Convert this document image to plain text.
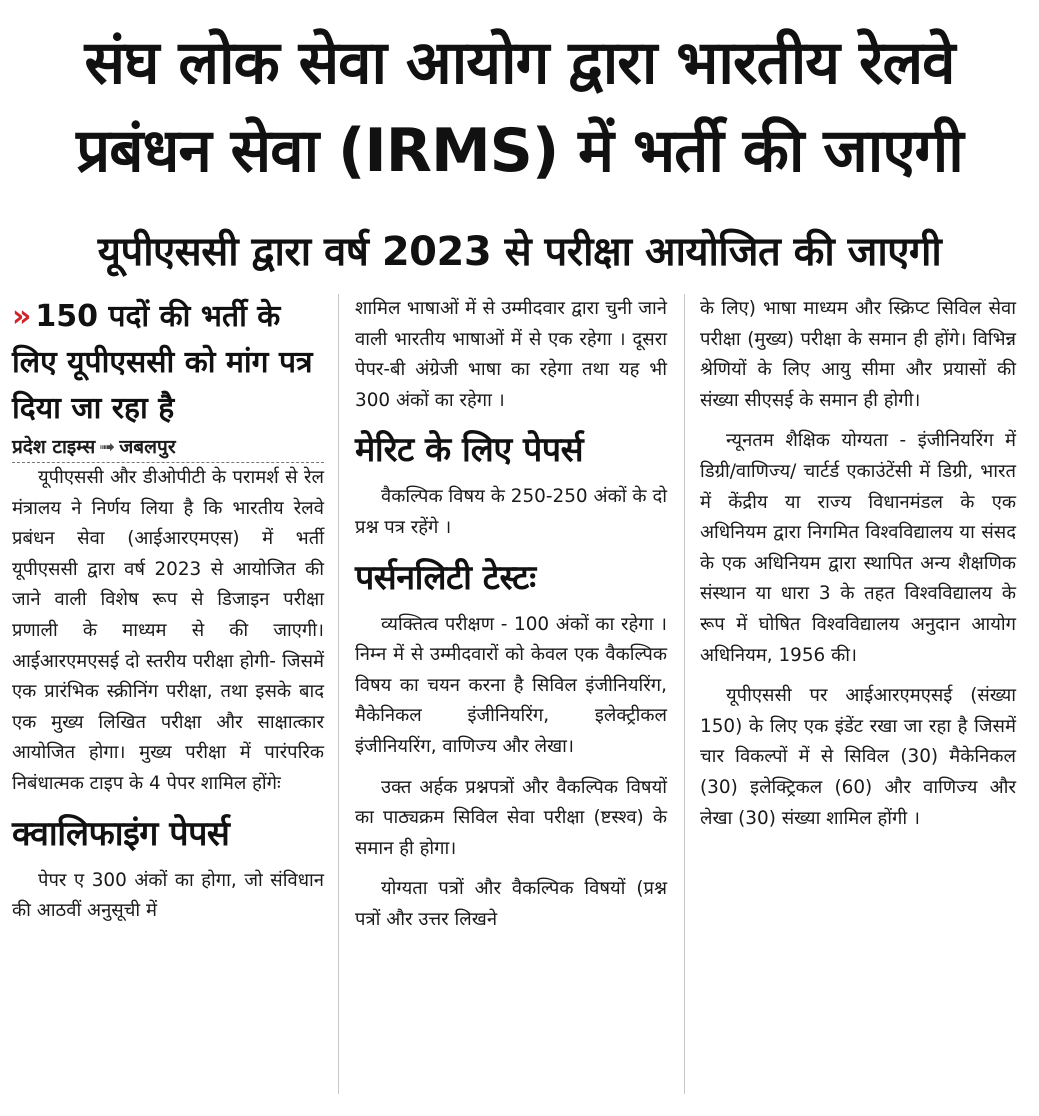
संघ लोक सेवा आयोग द्वारा भारतीय रेलवे
प्रबंधन सेवा (IRMS) में भर्ती की जाएगी
यूपीएससी द्वारा वर्ष 2023 से परीक्षा आयोजित की जाएगी

» 150 पदों की भर्ती के लिए यूपीएससी को मांग पत्र दिया जा रहा है

प्रदेश टाइम्स ➟ जबलपुर

यूपीएससी और डीओपीटी के परामर्श से रेल मंत्रालय ने निर्णय लिया है कि भारतीय रेलवे प्रबंधन सेवा (आईआरएमएस) में भर्ती यूपीएससी द्वारा वर्ष 2023 से आयोजित की जाने वाली विशेष रूप से डिजाइन परीक्षा प्रणाली के माध्यम से की जाएगी। आईआरएमएसई दो स्तरीय परीक्षा होगी- जिसमें एक प्रारंभिक स्क्रीनिंग परीक्षा, तथा इसके बाद एक मुख्य लिखित परीक्षा और साक्षात्कार आयोजित होगा। मुख्य परीक्षा में पारंपरिक निबंधात्मक टाइप के 4 पेपर शामिल होंगेः

क्वालिफाइंग पेपर्स

पेपर ए 300 अंकों का होगा, जो संविधान की आठवीं अनुसूची में

शामिल भाषाओं में से उम्मीदवार द्वारा चुनी जाने वाली भारतीय भाषाओं में से एक रहेगा । दूसरा पेपर-बी अंग्रेजी भाषा का रहेगा तथा यह भी 300 अंकों का रहेगा ।

मेरिट के लिए पेपर्स

वैकल्पिक विषय के 250-250 अंकों के दो प्रश्न पत्र रहेंगे ।

पर्सनलिटी टेस्टः

व्यक्तित्व परीक्षण - 100 अंकों का रहेगा । निम्न में से उम्मीदवारों को केवल एक वैकल्पिक विषय का चयन करना है सिविल इंजीनियरिंग, मैकेनिकल इंजीनियरिंग, इलेक्ट्रीकल इंजीनियरिंग, वाणिज्य और लेखा।

उक्त अर्हक प्रश्नपत्रों और वैकल्पिक विषयों का पाठ्यक्रम सिविल सेवा परीक्षा (ष्टस्श्व) के समान ही होगा।

योग्यता पत्रों और वैकल्पिक विषयों (प्रश्न पत्रों और उत्तर लिखने

के लिए) भाषा माध्यम और स्क्रिप्ट सिविल सेवा परीक्षा (मुख्य) परीक्षा के समान ही होंगे। विभिन्न श्रेणियों के लिए आयु सीमा और प्रयासों की संख्या सीएसई के समान ही होगी।

न्यूनतम शैक्षिक योग्यता - इंजीनियरिंग में डिग्री/वाणिज्य/ चार्टर्ड एकाउंटेंसी में डिग्री, भारत में केंद्रीय या राज्य विधानमंडल के एक अधिनियम द्वारा निगमित विश्वविद्यालय या संसद के एक अधिनियम द्वारा स्थापित अन्य शैक्षणिक संस्थान या धारा 3 के तहत विश्वविद्यालय के रूप में घोषित विश्वविद्यालय अनुदान आयोग अधिनियम, 1956 की।

यूपीएससी पर आईआरएमएसई (संख्या 150) के लिए एक इंडेंट रखा जा रहा है जिसमें चार विकल्पों में से सिविल (30) मैकेनिकल (30) इलेक्ट्रिकल (60) और वाणिज्य और लेखा (30) संख्या शामिल होंगी ।
